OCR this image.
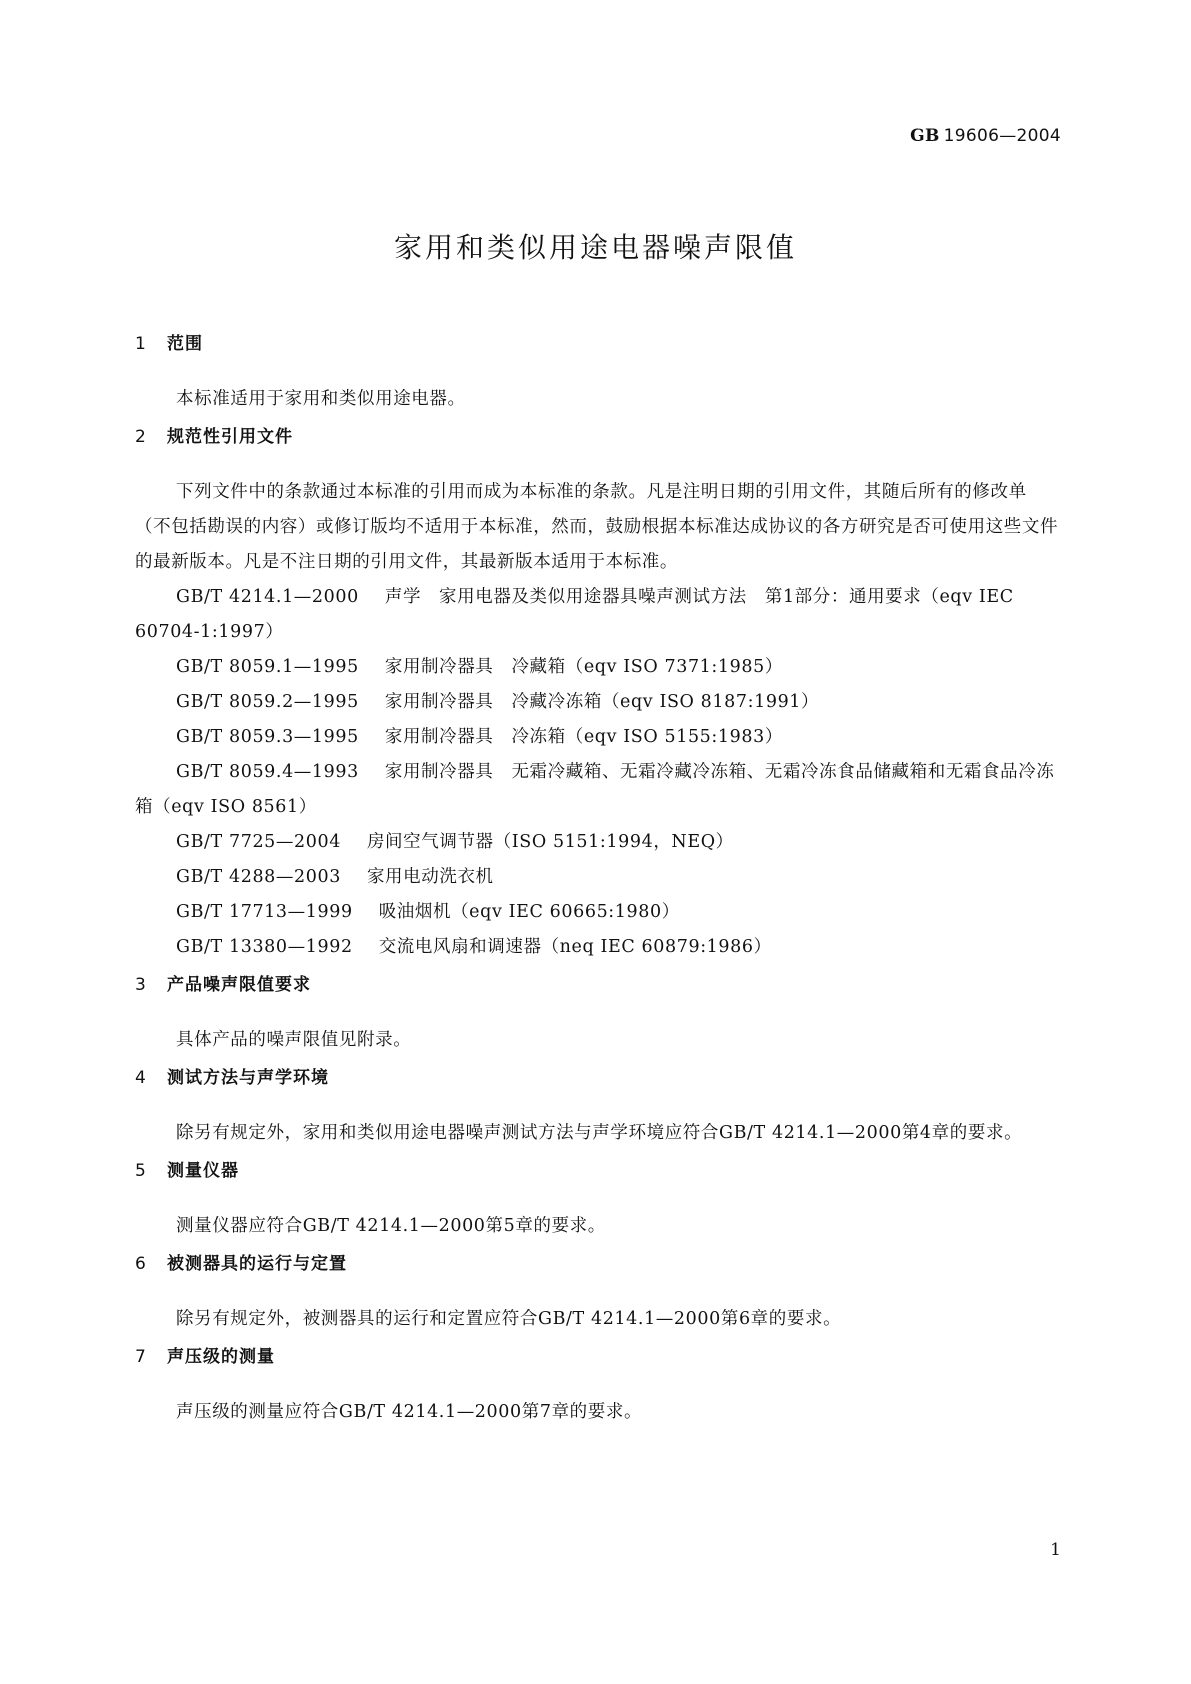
GB 19606—2004
家用和类似用途电器噪声限值
1 范围

本标准适用于家用和类似用途电器。

2 规范性引用文件

下列文件中的条款通过本标准的引用而成为本标准的条款。凡是注明日期的引用文件，其随后所有的修改单（不包括勘误的内容）或修订版均不适用于本标准，然而，鼓励根据本标准达成协议的各方研究是否可使用这些文件的最新版本。凡是不注日期的引用文件，其最新版本适用于本标准。

GB/T 4214.1—2000 声学 家用电器及类似用途器具噪声测试方法　第1部分：通用要求（eqv IEC 60704-1:1997）

GB/T 8059.1—1995 家用制冷器具 冷藏箱（eqv ISO 7371:1985）

GB/T 8059.2—1995 家用制冷器具 冷藏冷冻箱（eqv ISO 8187:1991）

GB/T 8059.3—1995 家用制冷器具 冷冻箱（eqv ISO 5155:1983）

GB/T 8059.4—1993 家用制冷器具 无霜冷藏箱、无霜冷藏冷冻箱、无霜冷冻食品储藏箱和无霜食品冷冻箱（eqv ISO 8561）

GB/T 7725—2004 房间空气调节器（ISO 5151:1994，NEQ）

GB/T 4288—2003 家用电动洗衣机

GB/T 17713—1999 吸油烟机（eqv IEC 60665:1980）

GB/T 13380—1992 交流电风扇和调速器（neq IEC 60879:1986）

3 产品噪声限值要求

具体产品的噪声限值见附录。

4 测试方法与声学环境

除另有规定外，家用和类似用途电器噪声测试方法与声学环境应符合GB/T 4214.1—2000第4章的要求。

5 测量仪器

测量仪器应符合GB/T 4214.1—2000第5章的要求。

6 被测器具的运行与定置

除另有规定外，被测器具的运行和定置应符合GB/T 4214.1—2000第6章的要求。

7 声压级的测量

声压级的测量应符合GB/T 4214.1—2000第7章的要求。

1
